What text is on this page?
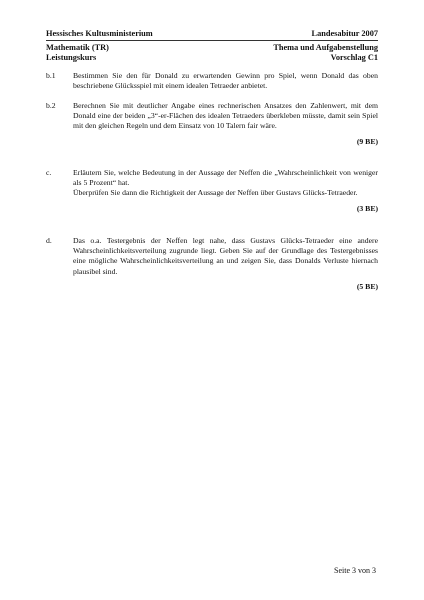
Hessisches Kultusministerium	Landesabitur 2007
Mathematik (TR)	Thema und Aufgabenstellung
Leistungskurs	Vorschlag C1
b.1 Bestimmen Sie den für Donald zu erwartenden Gewinn pro Spiel, wenn Donald das oben beschriebene Glücksspiel mit einem idealen Tetraeder anbietet.

b.2 Berechnen Sie mit deutlicher Angabe eines rechnerischen Ansatzes den Zahlenwert, mit dem Donald eine der beiden „3“-er-Flächen des idealen Tetraeders überkleben müsste, damit sein Spiel mit den gleichen Regeln und dem Einsatz von 10 Talern fair wäre.

(9 BE)
c.	Erläutern Sie, welche Bedeutung in der Aussage der Neffen die „Wahrscheinlichkeit von weniger als 5 Prozent“ hat.

Überprüfen Sie dann die Richtigkeit der Aussage der Neffen über Gustavs Glücks-Tetraeder.

(3 BE)
d.	Das o.a. Testergebnis der Neffen legt nahe, dass Gustavs Glücks-Tetraeder eine andere Wahrscheinlichkeitsverteilung zugrunde liegt. Geben Sie auf der Grundlage des Testergebnisses eine mögliche Wahrscheinlichkeitsverteilung an und zeigen Sie, dass Donalds Verluste hiernach plausibel sind.

(5 BE)
Seite 3 von 3
